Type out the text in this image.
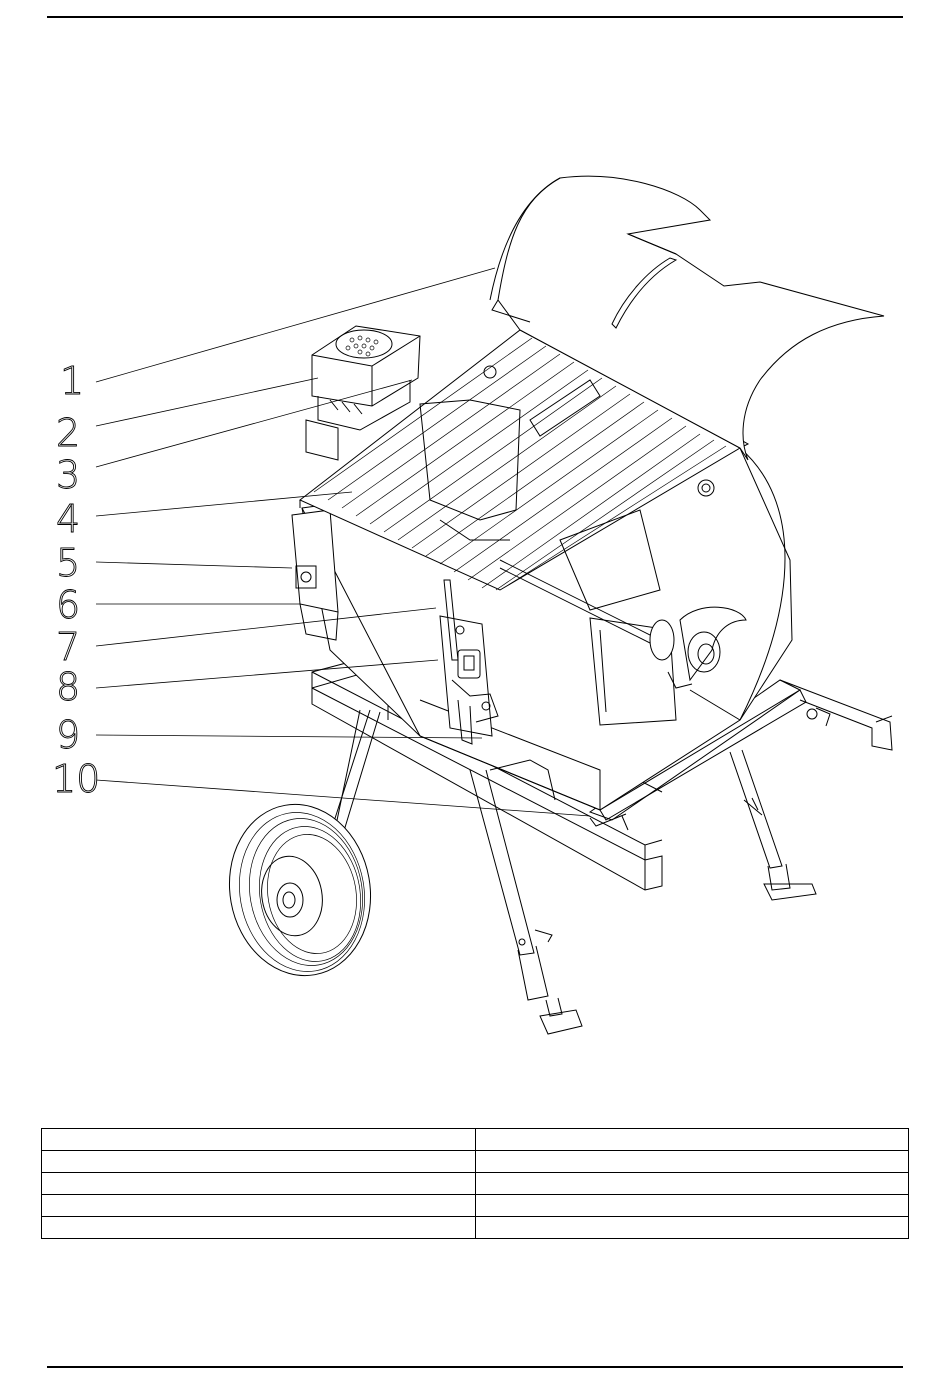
1
2
3
4
5
6
7
8
9
10
